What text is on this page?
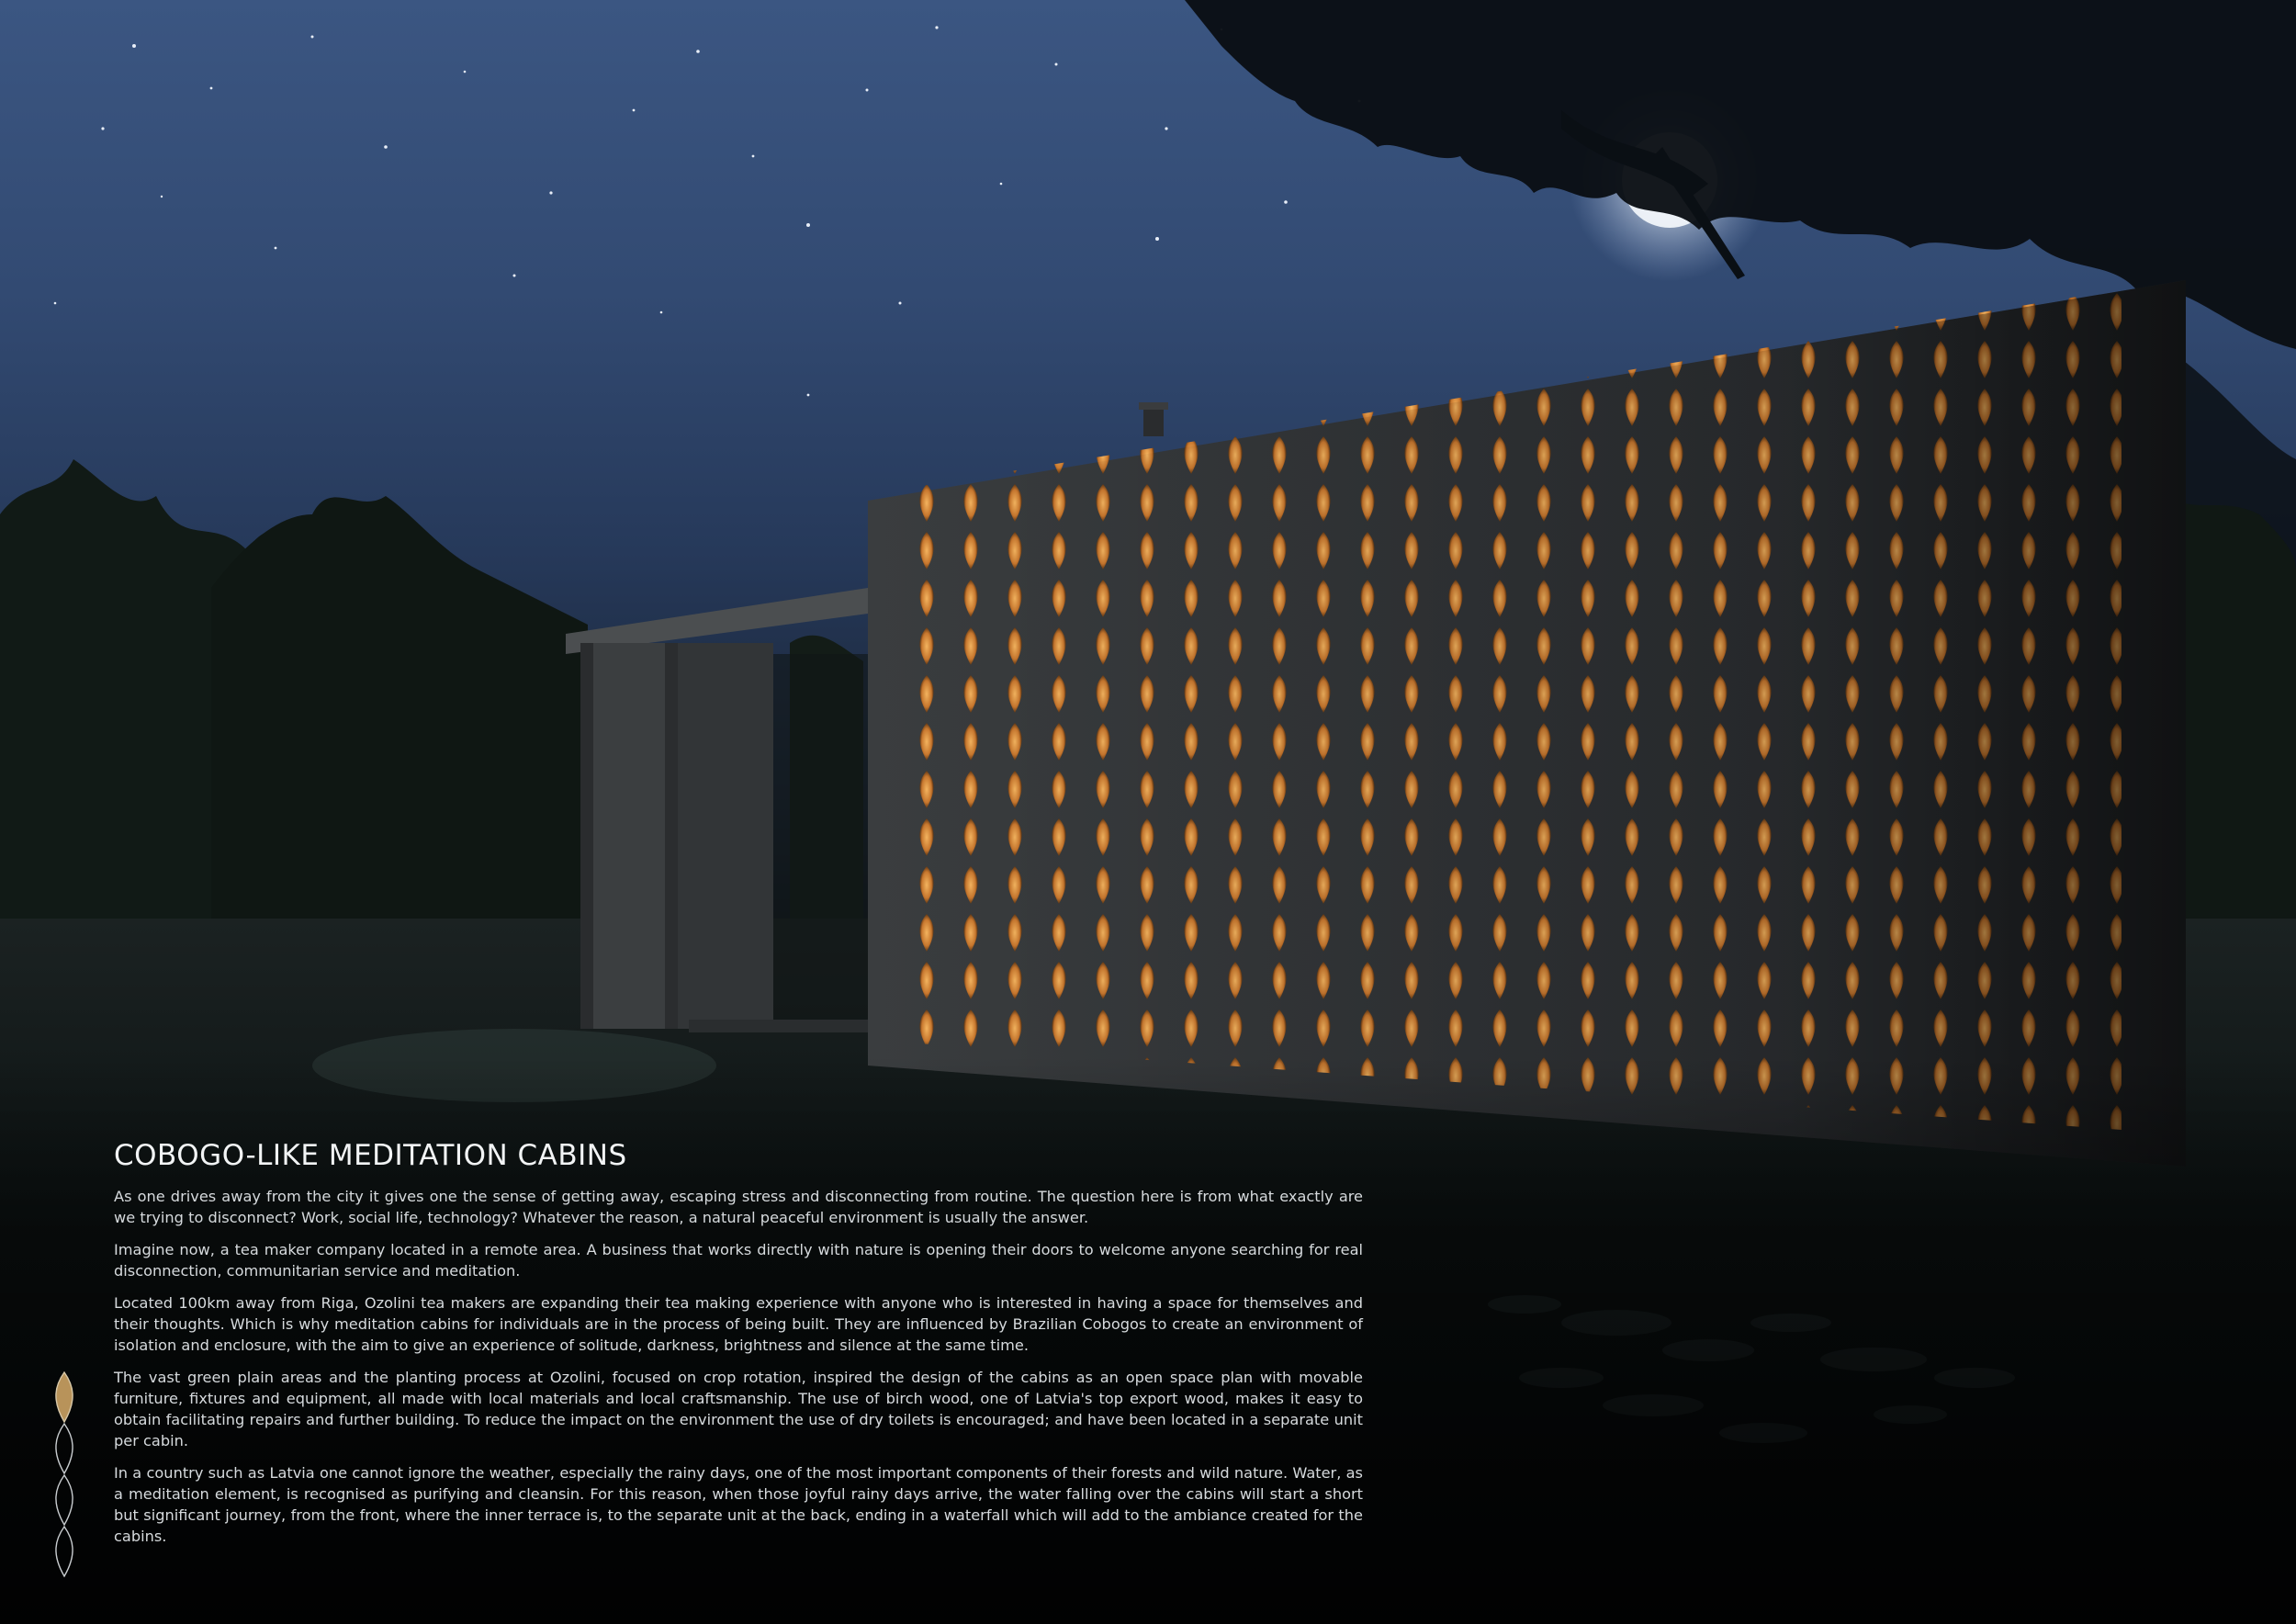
COBOGO-LIKE MEDITATION CABINS

As one drives away from the city it gives one the sense of getting away, escaping stress and disconnecting from routine. The question here is from what exactly are we trying to disconnect? Work, social life, technology? Whatever the reason, a natural peaceful environment is usually the answer.

Imagine now, a tea maker company located in a remote area. A business that works directly with nature is opening their doors to welcome anyone searching for real disconnection, communitarian service and meditation.

Located 100km away from Riga, Ozolini tea makers are expanding their tea making experience with anyone who is interested in having a space for themselves and their thoughts. Which is why meditation cabins for individuals are in the process of being built. They are influenced by Brazilian Cobogos to create an environment of isolation and enclosure, with the aim to give an experience of solitude, darkness, brightness and silence at the same time.

The vast green plain areas and the planting process at Ozolini, focused on crop rotation, inspired the design of the cabins as an open space plan with movable furniture, fixtures and equipment, all made with local materials and local craftsmanship. The use of birch wood, one of Latvia's top export wood, makes it easy to obtain facilitating repairs and further building. To reduce the impact on the environment the use of dry toilets is encouraged; and have been located in a separate unit per cabin.

In a country such as Latvia one cannot ignore the weather, especially the rainy days, one of the most important components of their forests and wild nature. Water, as a meditation element, is recognised as purifying and cleansin. For this reason, when those joyful rainy days arrive, the water falling over the cabins will start a short but significant journey, from the front, where the inner terrace is, to the separate unit at the back, ending in a waterfall which will add to the ambiance created for the cabins.
